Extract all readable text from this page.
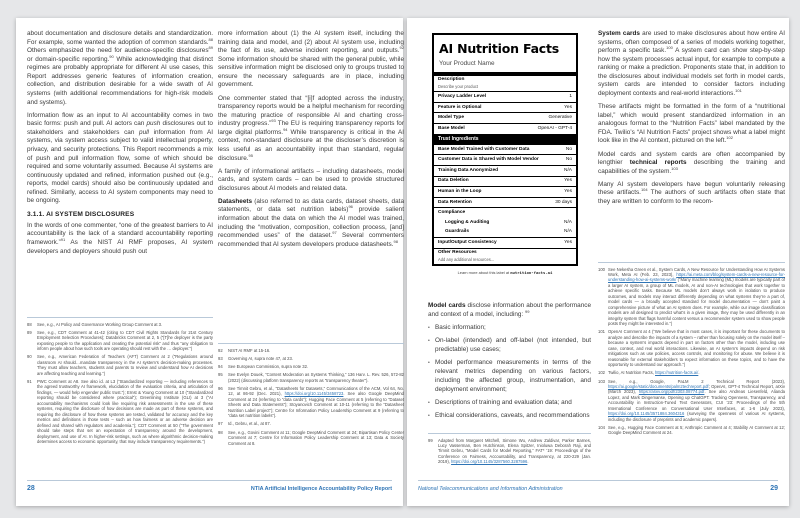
about documentation and disclosure details and standardization. For example, some wanted the adoption of common standards.$^{88}$ Others emphasized the need for audience-specific disclosures$^{89}$ or domain-specific reporting.$^{90}$ While acknowledging that distinct regimes are probably appropriate for different AI use cases, this Report addresses generic features of information creation, collection, and distribution desirable for a wide swath of AI systems (with additional recommendations for high-risk models and systems).

Information flow as an input to AI accountability comes in two basic forms: push and pull. AI actors can push disclosures out to stakeholders and stakeholders can pull information from AI systems, via system access subject to valid intellectual property, privacy, and security protections. This Report recommends a mix of push and pull information flow, some of which should be required and some voluntarily assumed. Because AI systems are continuously updated and refined, information pushed out (e.g., reports, model cards) should also be continuously updated and refined. Similarly, access to AI system components may need to be ongoing.

3.1.1. AI SYSTEM DISCLOSURES

In the words of one commenter, “one of the greatest barriers to AI accountability is the lack of a standard accountability reporting framework.”$^{91}$ As the NIST AI RMF proposes, AI system developers and deployers should push out

more information about (1) the AI system itself, including the training data and model, and (2) about AI system use, including the fact of its use, adverse incident reporting, and outputs.$^{92}$ Some information should be shared with the general public, while sensitive information might be disclosed only to groups trusted to ensure the necessary safeguards are in place, including government.

One commenter stated that “[i]f adopted across the industry, transparency reports would be a helpful mechanism for recording the maturing practice of responsible AI and charting cross-industry progress.”$^{93}$ The EU is requiring transparency reports for large digital platforms.$^{94}$ While transparency is critical in the AI context, non-standard disclosure at the discloser’s discretion is less useful as an accountability input than standard, regular disclosure.$^{95}$

A family of informational artifacts – including datasheets, model cards, and system cards – can be used to provide structured disclosures about AI models and related data.

Datasheets (also referred to as data cards, dataset sheets, data statements, or data set nutrition labels)$^{96}$ provide salient information about the data on which the AI model was trained, including the “motivation, composition, collection process, [and] recommended uses” of the dataset.$^{97}$ Several commenters recommended that AI system developers produce datasheets.$^{98}$

88	See, e.g., AI Policy and Governance Working Group Comment at 3.
89	See, e.g., CDT Comment at 41-42 (citing to CDT Civil Rights Standards for 21st Century Employment Selection Procedures); Databricks Comment at 2, 5 (“[T]he deployer is the party exposing people to the application and creating the potential risk” and thus “any obligation to inform people about how such tools are operating should rest with the … deployer.”)
90	See, e.g., American Federation of Teachers (AFT) Comment at 2 (“Regulations around classroom AI should…mandate transparency in the AI system’s decision-making processes. They must allow teachers, students and parents to review and understand how AI decisions are affecting teaching and learning.”)
91	PWC Comment at A8. See also id. at L3 (“Standardized reporting — including references to the agreed trustworthy AI framework, elucidation of the evaluation criteria, and articulation of findings, — would help engender public trust.”); Ernst & Young Comment at 10 (“Standardized reporting should be considered where practical”); Greenlining Institute (GLI) at 3 (“AI accountability mechanisms could look like requiring risk assessments in the use of these systems, requiring the disclosure of how decisions are made as part of these systems, and requiring the disclosure of how these systems are tested, validated for accuracy and the key metrics and definitions in those tests – such as how fairness or an adverse decision are defined and shared with regulators and academia.”); CDT Comment at 50 (“The government should take steps that set an expectation of transparency around the development, deployment, and use of AI. In higher-risk settings, such as where algorithmic decision-making determines access to economic opportunity, that may include transparency requirements.”)
92	NIST AI RMF at 15-16.
93	Governing AI, supra note 47, at 23.
94	See European Commission, supra note 32.
95	See Evelyn Douek, “Content Moderation as Systems Thinking,” 136 Harv. L. Rev. 526, 572-82 (2022) (discussing platform transparency reports as “transparency theater”).
96	See Timnit Gebru, et al., “Datasheets for Datasets,” Communications of the ACM, Vol 64, No. 12, at 86-92 (Dec. 2021), https://doi.org/10.1145/3458723. See also Google DeepMind Comment at 24 (referring to “data cards”); Hugging Face Comment at 5 (referring to “Dataset Sheets and Data Statements”); Stoyanovich Comment at 10-11 (referring to the “Datasheet Nutrition Label project”); Centre for Information Policy Leadership Comment at 9 (referring to “data set nutrition labels”).
97	Id., Gebru, et al., at 87.
98	See, e.g., Govini Comment at 11; Google DeepMind Comment at 24; Bipartisan Policy Center Comment at 7; Centre for Information Policy Leadership Comment at 13; Data & Society Comment at 8.
28	NTIA Artificial Intelligence Accountability Policy Report
AI Nutrition Facts
Your Product Name
Description
Describe your product
Privacy Ladder Level	1
Feature is Optional	Yes
Model Type	Generative
Base Model	OpenAI - GPT-4
Trust Ingredients
Base Model Trained with Customer Data	No
Customer Data is Shared with Model Vendor	No
Training Data Anonymized	N/A
Data Deletion	Yes
Human in the Loop	Yes
Data Retention	30 days
Compliance
Logging & Auditing	N/A
Guardrails	N/A
Input/Output Consistency	Yes
Other Resources
Add any additional resources...
Learn more about this label at nutrition-facts.ai

Model cards disclose information about the performance and context of a model, including: $^{99}$

• Basic information;
• On-label (intended) and off-label (not intended, but predictable) use cases;
• Model performance measurements in terms of the relevant metrics depending on various factors, including the affected group, instrumentation, and deployment environment;
• Descriptions of training and evaluation data; and
• Ethical considerations, caveats, and recommendations
99	Adapted from Margaret Mitchell, Simone Wu, Andrew Zaldivar, Parker Barnes, Lucy Vasserman, Ben Hutchinson, Elena Spitzer, Inioluwa Deborah Raji, and Timnit Gebru, “Model Cards for Model Reporting,” FAT* ’19: Proceedings of the Conference on Fairness, Accountability, and Transparency, at 220-229 (Jan. 2019), https://doi.org/10.1145/3287560.3287596.

System cards are used to make disclosures about how entire AI systems, often composed of a series of models working together, perform a specific task.$^{100}$ A system card can show step-by-step how the system processes actual input, for example to compute a ranking or make a prediction. Proponents state that, in addition to the disclosures about individual models set forth in model cards, system cards are intended to consider factors including deployment contexts and real-world interactions.$^{101}$

These artifacts might be formatted in the form of a “nutritional label,” which would present standardized information in an analogous format to the “Nutrition Facts” label mandated by the FDA. Twilio’s “AI Nutrition Facts” project shows what a label might look like in the AI context, pictured on the left.$^{102}$

Model cards and system cards are often accompanied by lengthier technical reports describing the training and capabilities of the system.$^{103}$

Many AI system developers have begun voluntarily releasing these artifacts.$^{104}$ The authors of such artifacts often state that they are written to conform to the recom-

100 See Nekesha Green et al., System Cards, A New Resource for Understanding How AI Systems Work, Meta AI (Feb. 23, 2023), https://ai.meta.com/blog/system-cards-a-new-resource-for-understanding-how-ai-systems-work/ (“Many machine learning (ML) models are typically part of a larger AI system, a group of ML models, AI and non-AI technologies that work together to achieve specific tasks. Because ML models don’t always work in isolation to produce outcomes, and models may interact differently depending on what systems they’re a part of, model cards — a broadly accepted standard for model documentation — don’t paint a comprehensive picture of what an AI system does. For example, while our image classification models are all designed to predict what’s in a given image, they may be used differently in an integrity system that flags harmful content versus a recommender system used to show people posts they might be interested in.”)
101 OpenAI Comment at 4 (“We believe that in most cases, it is important for these documents to analyze and describe the impacts of a system – rather than focusing solely on the model itself – because a system’s impacts depend in part on factors other than the model, including use case, context, and real world interactions. Likewise, an AI system’s impacts depend on risk mitigations such as use policies, access controls, and monitoring for abuse. We believe it is reasonable for external stakeholders to expect information on these topics, and to have the opportunity to understand our approach.”)
102 Twilio, AI Nutrition Facts, https://nutrition-facts.ai/.
103 See, e.g., Google, PaLM 2 Technical Report (2023), https://ai.google/static/documents/palm2techreport.pdf; OpenAI, GPT-4 Technical Report, arXiv (March 2023), https://arxiv.org/pdf/2303.08774.pdf. See also Andreas Liesenfeld, Alianda Lopez, and Mark Dingemanse, Opening up ChatGPT: Tracking Openness, Transparency, and Accountability in Instruction-Tuned Text Generators, CUI ’23: Proceedings of the 5th International Conference on Conversational User Interfaces, at 1-6 (July 2023), https://doi.org/10.1145/3571884.3604316 (surveying the openness of various AI systems, including the disclosure of preprints and academic papers).
104 See, e.g., Hugging Face Comment at 5; Anthropic Comment at 4; Stability AI Comment at 12; Google DeepMind Comment at 24.
National Telecommunications and Information Administration	29
